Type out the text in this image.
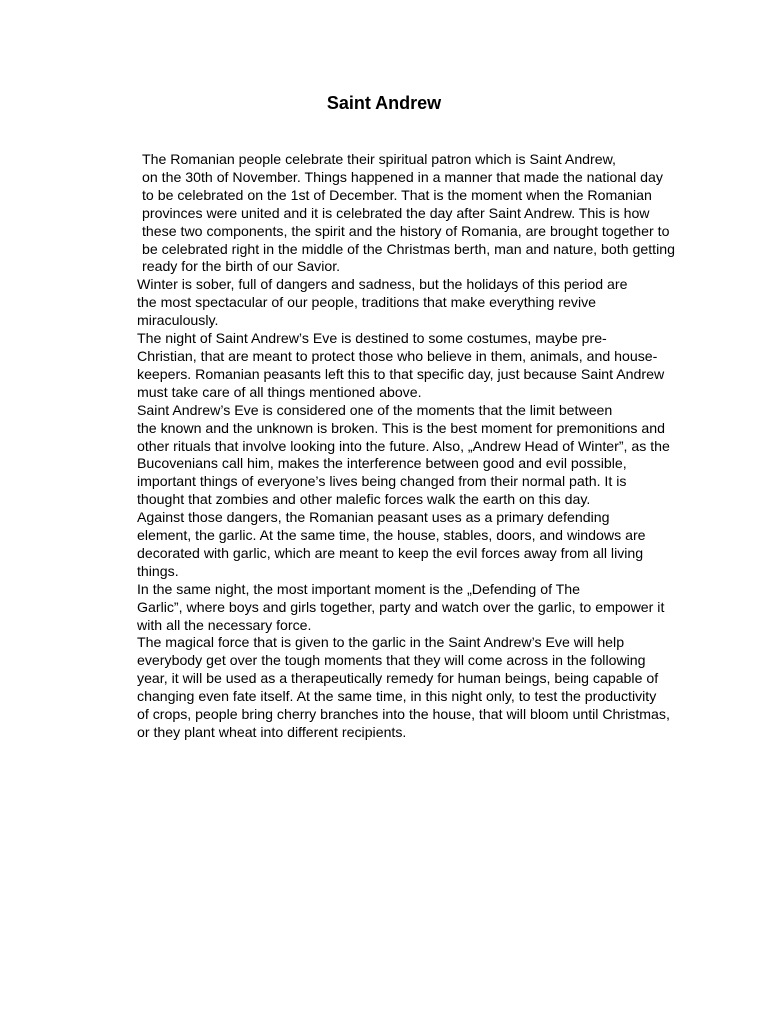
Saint Andrew

The Romanian people celebrate their spiritual patron which is Saint Andrew,
on the 30th of November. Things happened in a manner that made the national day
to be celebrated on the 1st of December. That is the moment when the Romanian
provinces were united and it is celebrated the day after Saint Andrew. This is how
these two components, the spirit and the history of Romania, are brought together to
be celebrated right in the middle of the Christmas berth, man and nature, both getting
ready for the birth of our Savior.

Winter is sober, full of dangers and sadness, but the holidays of this period are
the most spectacular of our people, traditions that make everything revive
miraculously.

The night of Saint Andrew’s Eve is destined to some costumes, maybe pre-
Christian, that are meant to protect those who believe in them, animals, and house-
keepers. Romanian peasants left this to that specific day, just because Saint Andrew
must take care of all things mentioned above.

Saint Andrew’s Eve is considered one of the moments that the limit between
the known and the unknown is broken. This is the best moment for premonitions and
other rituals that involve looking into the future. Also, „Andrew Head of Winter”, as the
Bucovenians call him, makes the interference between good and evil possible,
important things of everyone’s lives being changed from their normal path. It is
thought that zombies and other malefic forces walk the earth on this day.

Against those dangers, the Romanian peasant uses as a primary defending
element, the garlic. At the same time, the house, stables, doors, and windows are
decorated with garlic, which are meant to keep the evil forces away from all living
things.

In the same night, the most important moment is the „Defending of The
Garlic”, where boys and girls together, party and watch over the garlic, to empower it
with all the necessary force.

The magical force that is given to the garlic in the Saint Andrew’s Eve will help
everybody get over the tough moments that they will come across in the following
year, it will be used as a therapeutically remedy for human beings, being capable of
changing even fate itself. At the same time, in this night only, to test the productivity
of crops, people bring cherry branches into the house, that will bloom until Christmas,
or they plant wheat into different recipients.
